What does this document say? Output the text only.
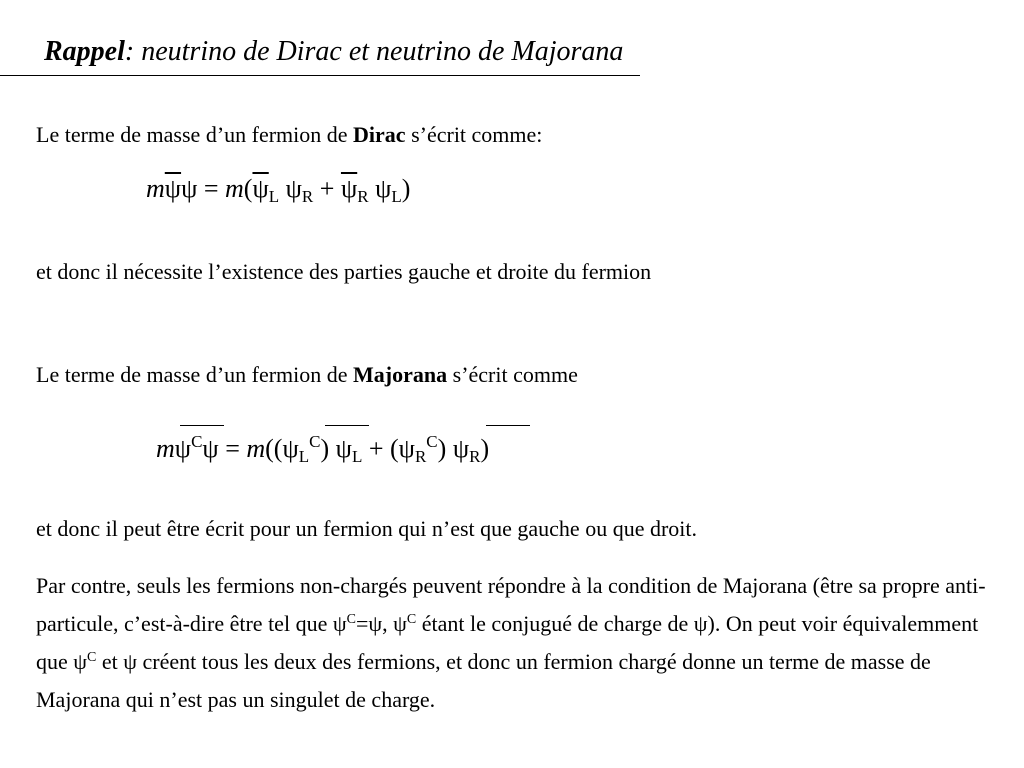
Rappel: neutrino de Dirac et neutrino de Majorana
Le terme de masse d’un fermion de Dirac s’écrit comme:
$m\overline{\psi}\psi = m(\overline{\psi}_L$ $\psi_R + \overline{\psi}_R$ $\psi_L$)
et donc il nécessite l’existence des parties gauche et droite du fermion
Le terme de masse d’un fermion de Majorana s’écrit comme
$m\psi^C\psi = m((\psi_L^C) \psi_L + (\psi_R^C)$ $\psi_R$)
et donc il peut être écrit pour un fermion qui n’est que gauche ou que droit.
Par contre, seuls les fermions non-chargés peuvent répondre à la condition de Majorana (être sa propre anti-particule, c’est-à-dire être tel que $\psi^C=\psi$, $\psi^C$ étant le conjugué de charge de ψ). On peut voir équivalemment que $\psi^C$ et ψ créent tous les deux des fermions, et donc un fermion chargé donne un terme de masse de Majorana qui n’est pas un singulet de charge.
